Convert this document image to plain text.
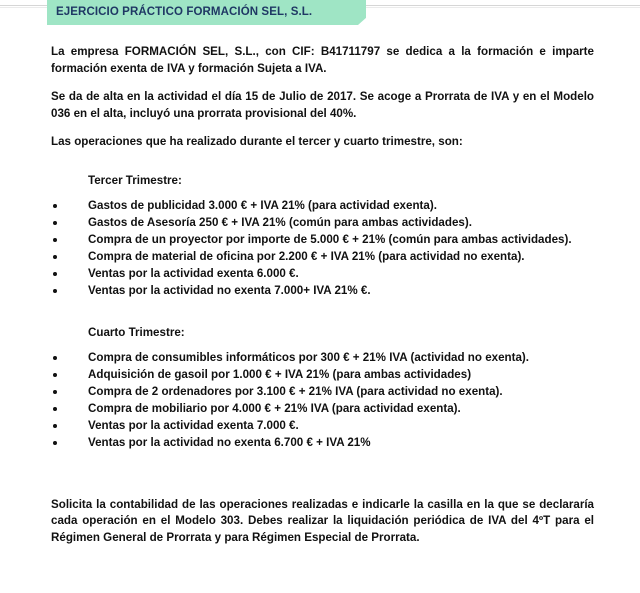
EJERCICIO PRÁCTICO FORMACIÓN SEL, S.L.

La empresa FORMACIÓN SEL, S.L., con CIF: B41711797 se dedica a la formación e imparte formación exenta de IVA y formación Sujeta a IVA.

Se da de alta en la actividad el día 15 de Julio de 2017. Se acoge a Prorrata de IVA y en el Modelo 036 en el alta, incluyó una prorrata provisional del 40%.

Las operaciones que ha realizado durante el tercer y cuarto trimestre, son:

Tercer Trimestre:
Gastos de publicidad 3.000 € + IVA 21% (para actividad exenta).
Gastos de Asesoría 250 € + IVA 21% (común para ambas actividades).
Compra de un proyector por importe de 5.000 € + 21% (común para ambas actividades).
Compra de material de oficina por 2.200 € + IVA 21% (para actividad no exenta).
Ventas por la actividad exenta 6.000 €.
Ventas por la actividad no exenta 7.000+ IVA 21% €.
Cuarto Trimestre:
Compra de consumibles informáticos por 300 € + 21% IVA (actividad no exenta).
Adquisición de gasoil por 1.000 € + IVA 21% (para ambas actividades)
Compra de 2 ordenadores por 3.100 € + 21% IVA (para actividad no exenta).
Compra de mobiliario por 4.000 € + 21% IVA (para actividad exenta).
Ventas por la actividad exenta 7.000 €.
Ventas por la actividad no exenta 6.700 € + IVA 21%

Solicita la contabilidad de las operaciones realizadas e indicarle la casilla en la que se declararía cada operación en el Modelo 303. Debes realizar la liquidación periódica de IVA del 4ºT para el Régimen General de Prorrata y para Régimen Especial de Prorrata.
